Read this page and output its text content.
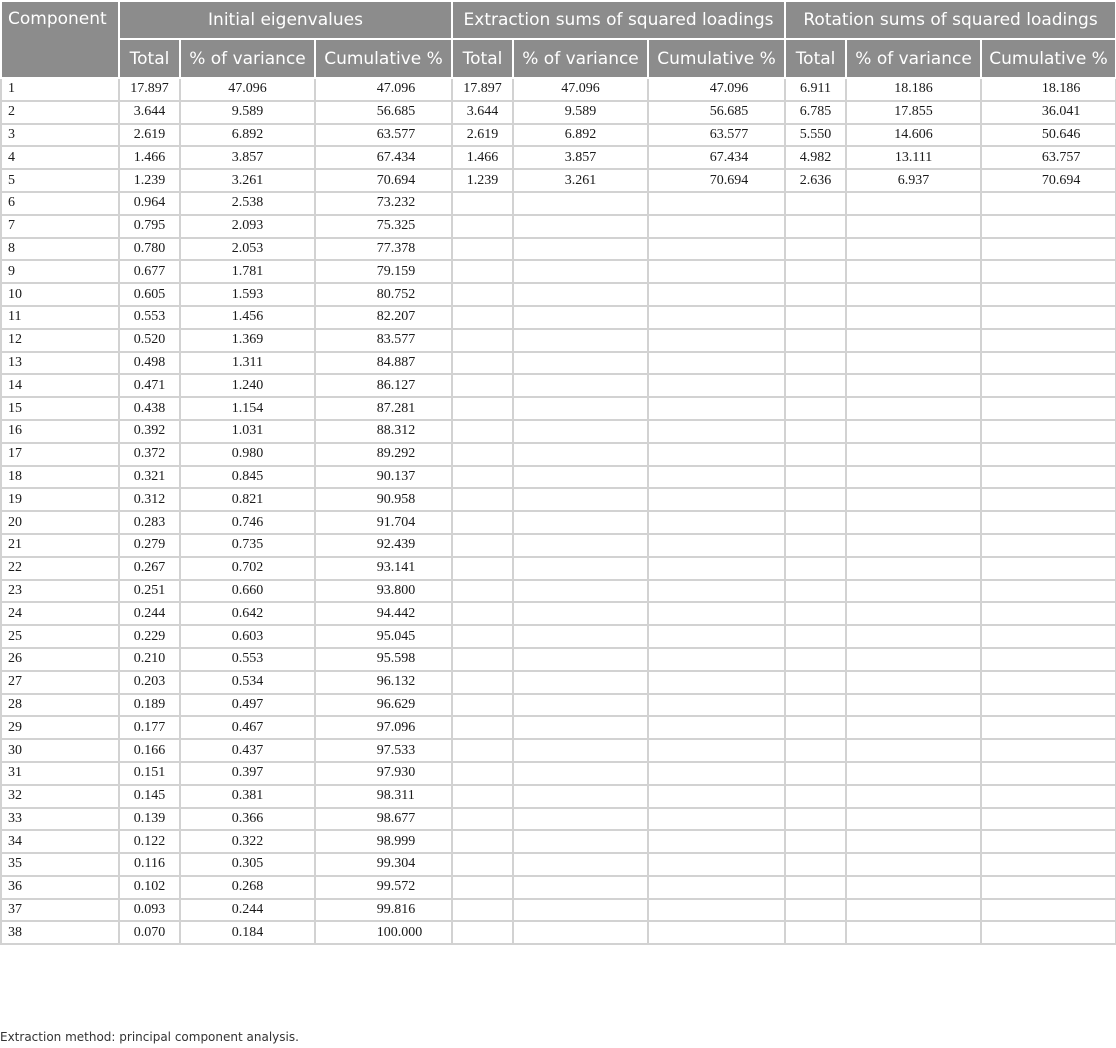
Component	Initial eigenvalues			Extraction sums of squared loadings			Rotation sums of squared loadings		
	Total	% of variance	Cumulative %	Total	% of variance	Cumulative %	Total	% of variance	Cumulative %
1	17.897	47.096	47.096	17.897	47.096	47.096	6.911	18.186	18.186
2	3.644	9.589	56.685	3.644	9.589	56.685	6.785	17.855	36.041
3	2.619	6.892	63.577	2.619	6.892	63.577	5.550	14.606	50.646
4	1.466	3.857	67.434	1.466	3.857	67.434	4.982	13.111	63.757
5	1.239	3.261	70.694	1.239	3.261	70.694	2.636	6.937	70.694
6	0.964	2.538	73.232						
7	0.795	2.093	75.325						
8	0.780	2.053	77.378						
9	0.677	1.781	79.159						
10	0.605	1.593	80.752						
11	0.553	1.456	82.207						
12	0.520	1.369	83.577						
13	0.498	1.311	84.887						
14	0.471	1.240	86.127						
15	0.438	1.154	87.281						
16	0.392	1.031	88.312						
17	0.372	0.980	89.292						
18	0.321	0.845	90.137						
19	0.312	0.821	90.958						
20	0.283	0.746	91.704						
21	0.279	0.735	92.439						
22	0.267	0.702	93.141						
23	0.251	0.660	93.800						
24	0.244	0.642	94.442						
25	0.229	0.603	95.045						
26	0.210	0.553	95.598						
27	0.203	0.534	96.132						
28	0.189	0.497	96.629						
29	0.177	0.467	97.096						
30	0.166	0.437	97.533						
31	0.151	0.397	97.930						
32	0.145	0.381	98.311						
33	0.139	0.366	98.677						
34	0.122	0.322	98.999						
35	0.116	0.305	99.304						
36	0.102	0.268	99.572						
37	0.093	0.244	99.816						
38	0.070	0.184	100.000						
Extraction method: principal component analysis.
